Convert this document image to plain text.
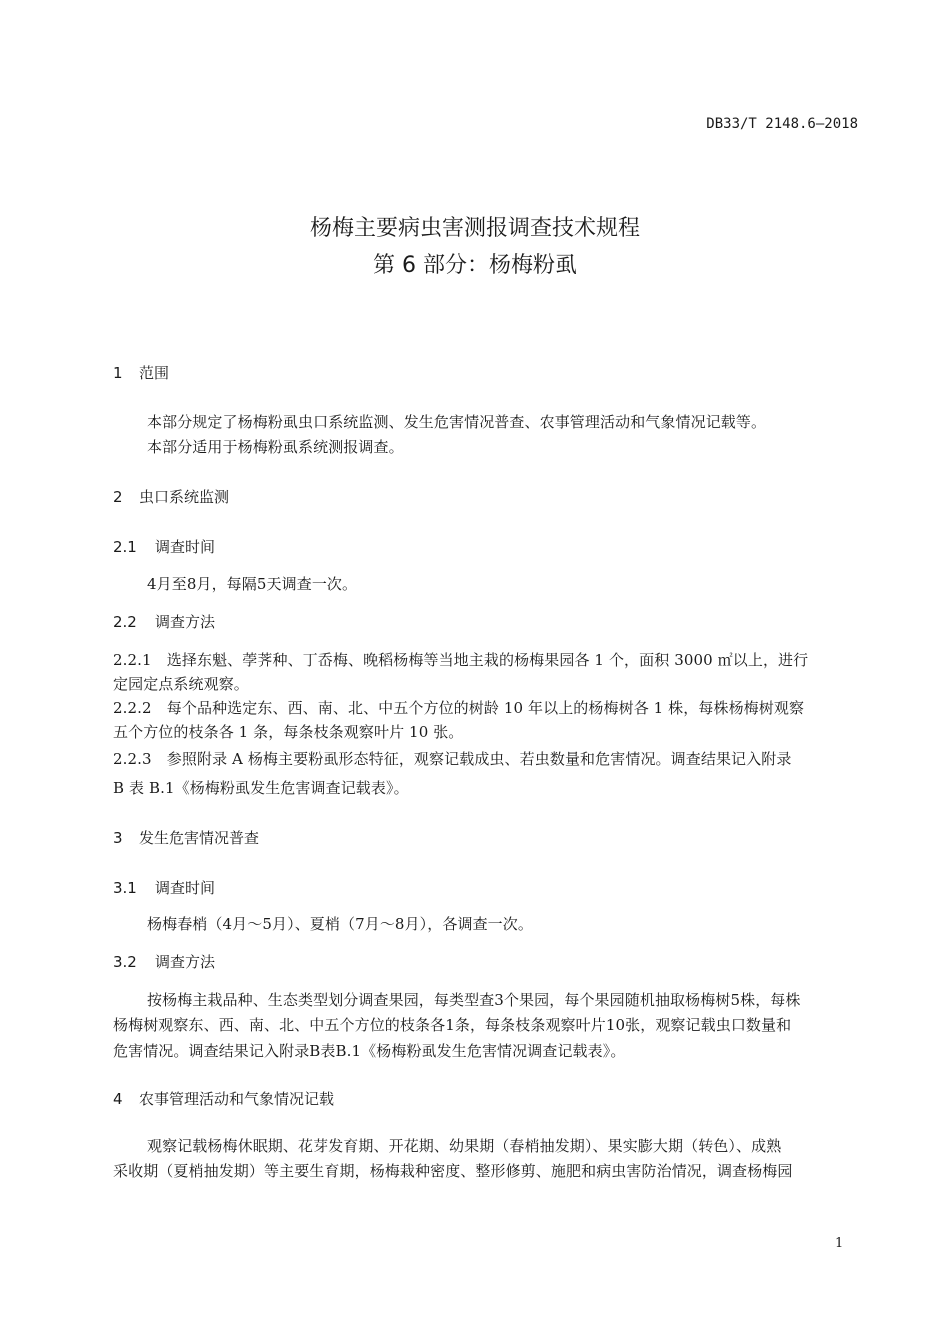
DB33/T 2148.6—2018
杨梅主要病虫害测报调查技术规程
第 6 部分：杨梅粉虱
1 范围
本部分规定了杨梅粉虱虫口系统监测、发生危害情况普查、农事管理活动和气象情况记载等。
本部分适用于杨梅粉虱系统测报调查。
2 虫口系统监测
2.1 调查时间
4月至8月，每隔5天调查一次。
2.2 调查方法
2.2.1　选择东魁、荸荠种、丁岙梅、晚稻杨梅等当地主栽的杨梅果园各 1 个，面积 3000 ㎡以上，进行
定园定点系统观察。
2.2.2　每个品种选定东、西、南、北、中五个方位的树龄 10 年以上的杨梅树各 1 株，每株杨梅树观察
五个方位的枝条各 1 条，每条枝条观察叶片 10 张。
2.2.3　参照附录 A 杨梅主要粉虱形态特征，观察记载成虫、若虫数量和危害情况。调查结果记入附录
B 表 B.1《杨梅粉虱发生危害调查记载表》。
3 发生危害情况普查
3.1 调查时间
杨梅春梢（4月～5月）、夏梢（7月～8月），各调查一次。
3.2 调查方法
按杨梅主栽品种、生态类型划分调查果园，每类型查3个果园，每个果园随机抽取杨梅树5株，每株
杨梅树观察东、西、南、北、中五个方位的枝条各1条，每条枝条观察叶片10张，观察记载虫口数量和
危害情况。调查结果记入附录B表B.1《杨梅粉虱发生危害情况调查记载表》。
4 农事管理活动和气象情况记载
观察记载杨梅休眠期、花芽发育期、开花期、幼果期（春梢抽发期）、果实膨大期（转色）、成熟
采收期（夏梢抽发期）等主要生育期，杨梅栽种密度、整形修剪、施肥和病虫害防治情况，调查杨梅园
1
